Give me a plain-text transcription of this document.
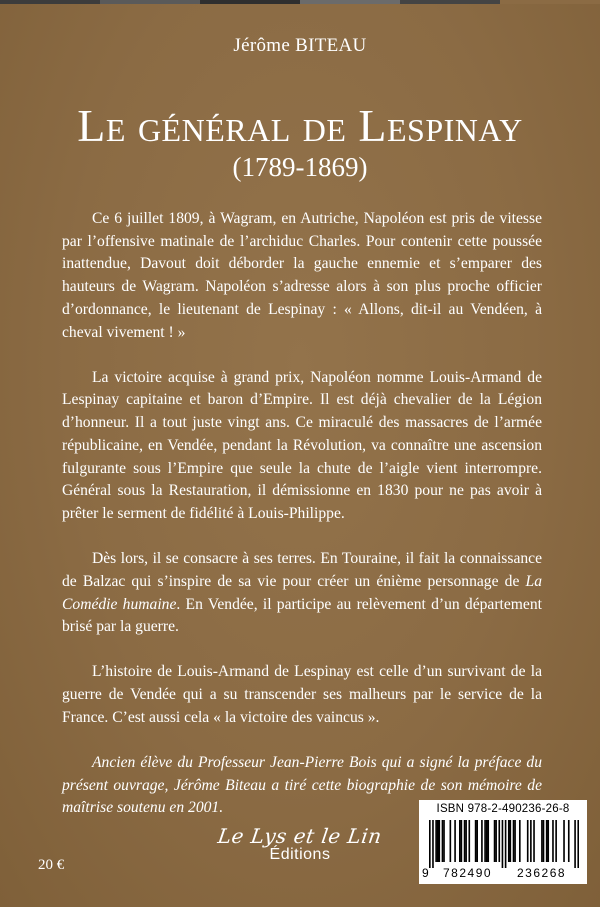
Jérôme BITEAU
Le général de Lespinay
(1789-1869)

Ce 6 juillet 1809, à Wagram, en Autriche, Napoléon est pris de vitesse par l’offensive matinale de l’archiduc Charles. Pour contenir cette poussée inattendue, Davout doit déborder la gauche ennemie et s’emparer des hauteurs de Wagram. Napoléon s’adresse alors à son plus proche officier d’ordonnance, le lieutenant de Lespinay : « Allons, dit-il au Vendéen, à cheval vivement ! »

La victoire acquise à grand prix, Napoléon nomme Louis-Armand de Lespinay capitaine et baron d’Empire. Il est déjà chevalier de la Légion d’honneur. Il a tout juste vingt ans. Ce miraculé des massacres de l’armée républicaine, en Vendée, pendant la Révolution, va connaître une ascension fulgurante sous l’Empire que seule la chute de l’aigle vient interrompre. Général sous la Restauration, il démissionne en 1830 pour ne pas avoir à prêter le serment de fidélité à Louis-Philippe.

Dès lors, il se consacre à ses terres. En Touraine, il fait la connaissance de Balzac qui s’inspire de sa vie pour créer un énième personnage de La Comédie humaine. En Vendée, il participe au relèvement d’un département brisé par la guerre.

L’histoire de Louis-Armand de Lespinay est celle d’un survivant de la guerre de Vendée qui a su transcender ses malheurs par le service de la France. C’est aussi cela « la victoire des vaincus ».

Ancien élève du Professeur Jean-Pierre Bois qui a signé la préface du présent ouvrage, Jérôme Biteau a tiré cette biographie de son mémoire de maîtrise soutenu en 2001.

20 €
Le Lys et le Lin
Éditions
ISBN 978-2-490236-26-8
9 782490 236268
